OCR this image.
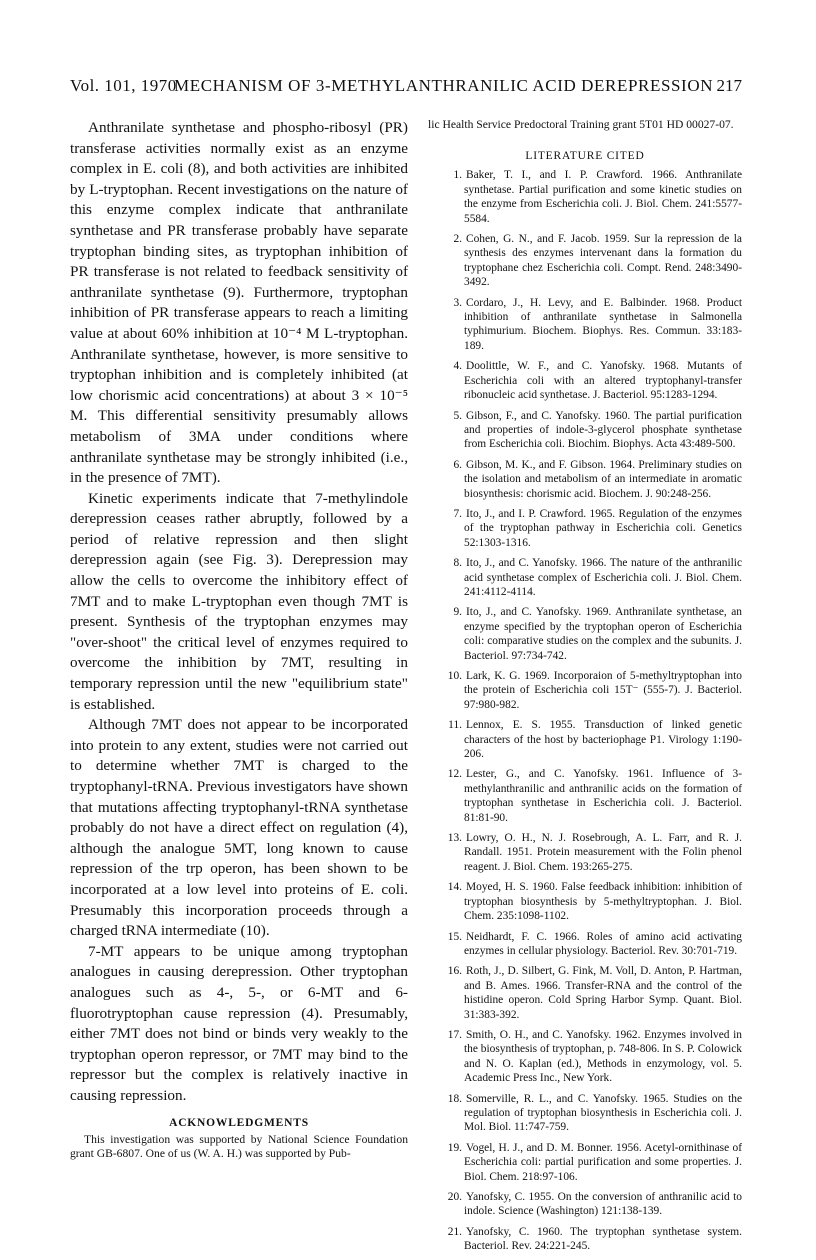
Vol. 101, 1970
MECHANISM OF 3-METHYLANTHRANILIC ACID DEREPRESSION 217

Anthranilate synthetase and phospho-ribosyl (PR) transferase activities normally exist as an enzyme complex in E. coli (8), and both activities are inhibited by L-tryptophan. Recent investigations on the nature of this enzyme complex indicate that anthranilate synthetase and PR transferase probably have separate tryptophan binding sites, as tryptophan inhibition of PR transferase is not related to feedback sensitivity of anthranilate synthetase (9). Furthermore, tryptophan inhibition of PR transferase appears to reach a limiting value at about 60% inhibition at 10⁻⁴ M L-tryptophan. Anthranilate synthetase, however, is more sensitive to tryptophan inhibition and is completely inhibited (at low chorismic acid concentrations) at about 3 × 10⁻⁵ M. This differential sensitivity presumably allows metabolism of 3MA under conditions where anthranilate synthetase may be strongly inhibited (i.e., in the presence of 7MT).

Kinetic experiments indicate that 7-methylindole derepression ceases rather abruptly, followed by a period of relative repression and then slight derepression again (see Fig. 3). Derepression may allow the cells to overcome the inhibitory effect of 7MT and to make L-tryptophan even though 7MT is present. Synthesis of the tryptophan enzymes may "over-shoot" the critical level of enzymes required to overcome the inhibition by 7MT, resulting in temporary repression until the new "equilibrium state" is established.

Although 7MT does not appear to be incorporated into protein to any extent, studies were not carried out to determine whether 7MT is charged to the tryptophanyl-tRNA. Previous investigators have shown that mutations affecting tryptophanyl-tRNA synthetase probably do not have a direct effect on regulation (4), although the analogue 5MT, long known to cause repression of the trp operon, has been shown to be incorporated at a low level into proteins of E. coli. Presumably this incorporation proceeds through a charged tRNA intermediate (10).

7-MT appears to be unique among tryptophan analogues in causing derepression. Other tryptophan analogues such as 4-, 5-, or 6-MT and 6-fluorotryptophan cause repression (4). Presumably, either 7MT does not bind or binds very weakly to the tryptophan operon repressor, or 7MT may bind to the repressor but the complex is relatively inactive in causing repression.

ACKNOWLEDGMENTS

This investigation was supported by National Science Foundation grant GB-6807. One of us (W. A. H.) was supported by Pub-

lic Health Service Predoctoral Training grant 5T01 HD 00027-07.

LITERATURE CITED

1. Baker, T. I., and I. P. Crawford. 1966. Anthranilate synthetase. Partial purification and some kinetic studies on the enzyme from Escherichia coli. J. Biol. Chem. 241:5577-5584.

2. Cohen, G. N., and F. Jacob. 1959. Sur la repression de la synthesis des enzymes intervenant dans la formation du tryptophane chez Escherichia coli. Compt. Rend. 248:3490-3492.

3. Cordaro, J., H. Levy, and E. Balbinder. 1968. Product inhibition of anthranilate synthetase in Salmonella typhimurium. Biochem. Biophys. Res. Commun. 33:183-189.

4. Doolittle, W. F., and C. Yanofsky. 1968. Mutants of Escherichia coli with an altered tryptophanyl-transfer ribonucleic acid synthetase. J. Bacteriol. 95:1283-1294.

5. Gibson, F., and C. Yanofsky. 1960. The partial purification and properties of indole-3-glycerol phosphate synthetase from Escherichia coli. Biochim. Biophys. Acta 43:489-500.

6. Gibson, M. K., and F. Gibson. 1964. Preliminary studies on the isolation and metabolism of an intermediate in aromatic biosynthesis: chorismic acid. Biochem. J. 90:248-256.

7. Ito, J., and I. P. Crawford. 1965. Regulation of the enzymes of the tryptophan pathway in Escherichia coli. Genetics 52:1303-1316.

8. Ito, J., and C. Yanofsky. 1966. The nature of the anthranilic acid synthetase complex of Escherichia coli. J. Biol. Chem. 241:4112-4114.

9. Ito, J., and C. Yanofsky. 1969. Anthranilate synthetase, an enzyme specified by the tryptophan operon of Escherichia coli: comparative studies on the complex and the subunits. J. Bacteriol. 97:734-742.

10. Lark, K. G. 1969. Incorporaion of 5-methyltryptophan into the protein of Escherichia coli 15T⁻ (555-7). J. Bacteriol. 97:980-982.

11. Lennox, E. S. 1955. Transduction of linked genetic characters of the host by bacteriophage P1. Virology 1:190-206.

12. Lester, G., and C. Yanofsky. 1961. Influence of 3-methylanthranilic and anthranilic acids on the formation of tryptophan synthetase in Escherichia coli. J. Bacteriol. 81:81-90.

13. Lowry, O. H., N. J. Rosebrough, A. L. Farr, and R. J. Randall. 1951. Protein measurement with the Folin phenol reagent. J. Biol. Chem. 193:265-275.

14. Moyed, H. S. 1960. False feedback inhibition: inhibition of tryptophan biosynthesis by 5-methyltryptophan. J. Biol. Chem. 235:1098-1102.

15. Neidhardt, F. C. 1966. Roles of amino acid activating enzymes in cellular physiology. Bacteriol. Rev. 30:701-719.

16. Roth, J., D. Silbert, G. Fink, M. Voll, D. Anton, P. Hartman, and B. Ames. 1966. Transfer-RNA and the control of the histidine operon. Cold Spring Harbor Symp. Quant. Biol. 31:383-392.

17. Smith, O. H., and C. Yanofsky. 1962. Enzymes involved in the biosynthesis of tryptophan, p. 748-806. In S. P. Colowick and N. O. Kaplan (ed.), Methods in enzymology, vol. 5. Academic Press Inc., New York.

18. Somerville, R. L., and C. Yanofsky. 1965. Studies on the regulation of tryptophan biosynthesis in Escherichia coli. J. Mol. Biol. 11:747-759.

19. Vogel, H. J., and D. M. Bonner. 1956. Acetyl-ornithinase of Escherichia coli: partial purification and some properties. J. Biol. Chem. 218:97-106.

20. Yanofsky, C. 1955. On the conversion of anthranilic acid to indole. Science (Washington) 121:138-139.

21. Yanofsky, C. 1960. The tryptophan synthetase system. Bacteriol. Rev. 24:221-245.
